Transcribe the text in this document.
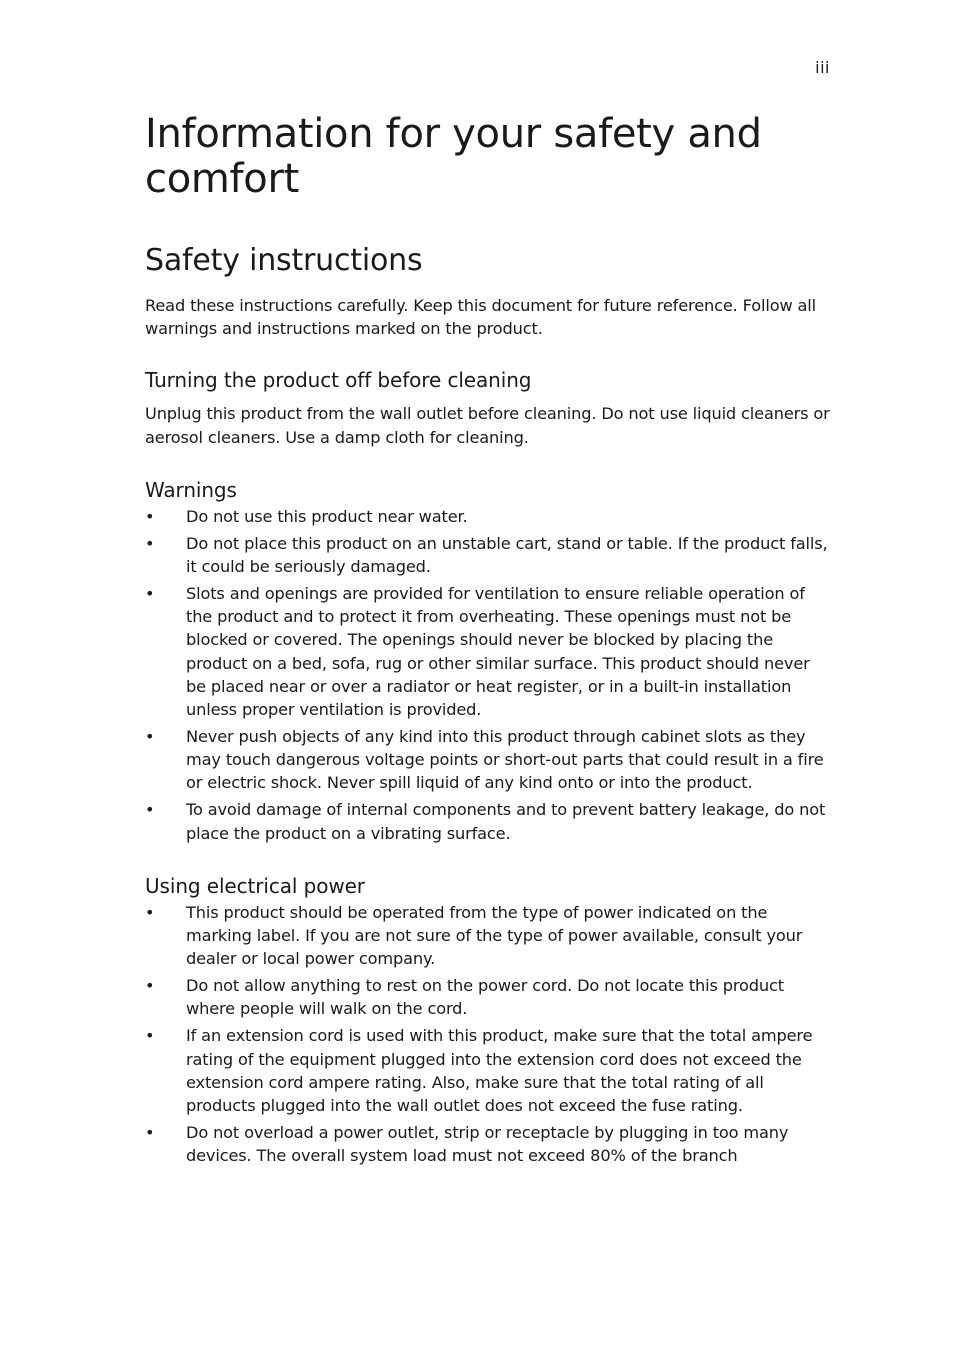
iii
Information for your safety and comfort
Safety instructions

Read these instructions carefully. Keep this document for future reference. Follow all warnings and instructions marked on the product.

Turning the product off before cleaning

Unplug this product from the wall outlet before cleaning. Do not use liquid cleaners or aerosol cleaners. Use a damp cloth for cleaning.

Warnings
• Do not use this product near water.
• Do not place this product on an unstable cart, stand or table. If the product falls, it could be seriously damaged.
• Slots and openings are provided for ventilation to ensure reliable operation of the product and to protect it from overheating. These openings must not be blocked or covered. The openings should never be blocked by placing the product on a bed, sofa, rug or other similar surface. This product should never be placed near or over a radiator or heat register, or in a built-in installation unless proper ventilation is provided.
• Never push objects of any kind into this product through cabinet slots as they may touch dangerous voltage points or short-out parts that could result in a fire or electric shock. Never spill liquid of any kind onto or into the product.
• To avoid damage of internal components and to prevent battery leakage, do not place the product on a vibrating surface.
Using electrical power
• This product should be operated from the type of power indicated on the marking label. If you are not sure of the type of power available, consult your dealer or local power company.
• Do not allow anything to rest on the power cord. Do not locate this product where people will walk on the cord.
• If an extension cord is used with this product, make sure that the total ampere rating of the equipment plugged into the extension cord does not exceed the extension cord ampere rating. Also, make sure that the total rating of all products plugged into the wall outlet does not exceed the fuse rating.
• Do not overload a power outlet, strip or receptacle by plugging in too many devices. The overall system load must not exceed 80% of the branch
